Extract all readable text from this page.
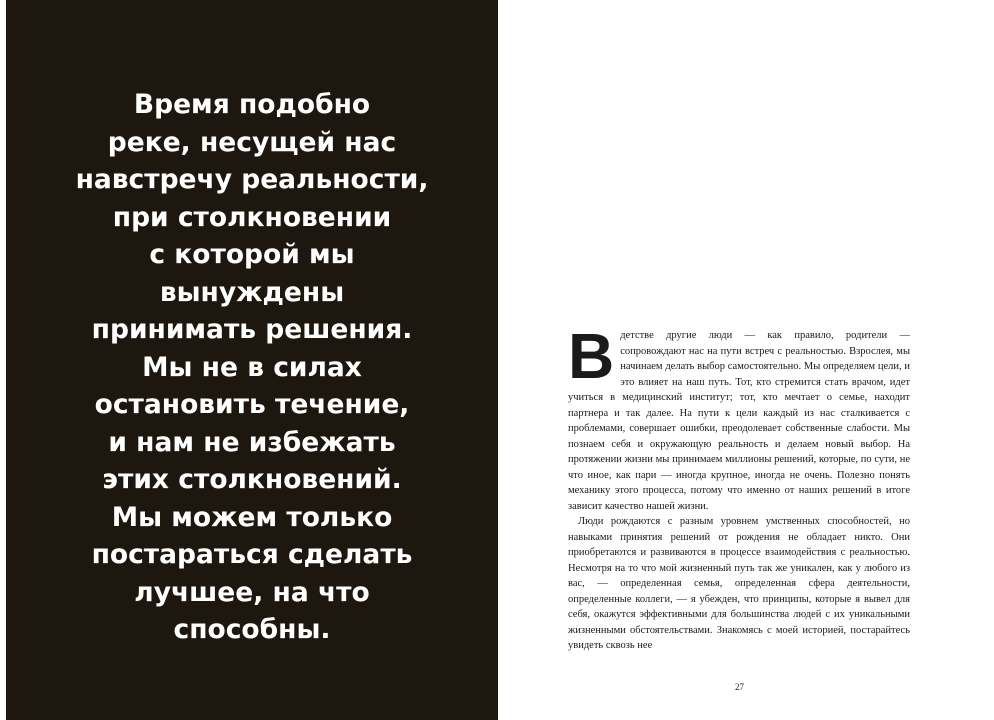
Время подобно
реке, несущей нас
навстречу реальности,
при столкновении
с которой мы
вынуждены
принимать решения.
Мы не в силах
остановить течение,
и нам не избежать
этих столкновений.
Мы можем только
постараться сделать
лучшее, на что
способны.
В детстве другие люди — как правило, родители — сопровождают нас на пути встреч с реальностью. Взрослея, мы начинаем делать выбор самостоятельно. Мы определяем цели, и это влияет на наш путь. Тот, кто стремится стать врачом, идет учиться в медицинский институт; тот, кто мечтает о семье, находит партнера и так далее. На пути к цели каждый из нас сталкивается с проблемами, совершает ошибки, преодолевает собственные слабости. Мы познаем себя и окружающую реальность и делаем новый выбор. На протяжении жизни мы принимаем миллионы решений, которые, по сути, не что иное, как пари — иногда крупное, иногда не очень. Полезно понять механику этого процесса, потому что именно от наших решений в итоге зависит качество нашей жизни.
Люди рождаются с разным уровнем умственных способностей, но навыками принятия решений от рождения не обладает никто. Они приобретаются и развиваются в процессе взаимодействия с реальностью. Несмотря на то что мой жизненный путь так же уникален, как у любого из вас, — определенная семья, определенная сфера деятельности, определенные коллеги, — я убежден, что принципы, которые я вывел для себя, окажутся эффективными для большинства людей с их уникальными жизненными обстоятельствами. Знакомясь с моей историей, постарайтесь увидеть сквозь нее
27
